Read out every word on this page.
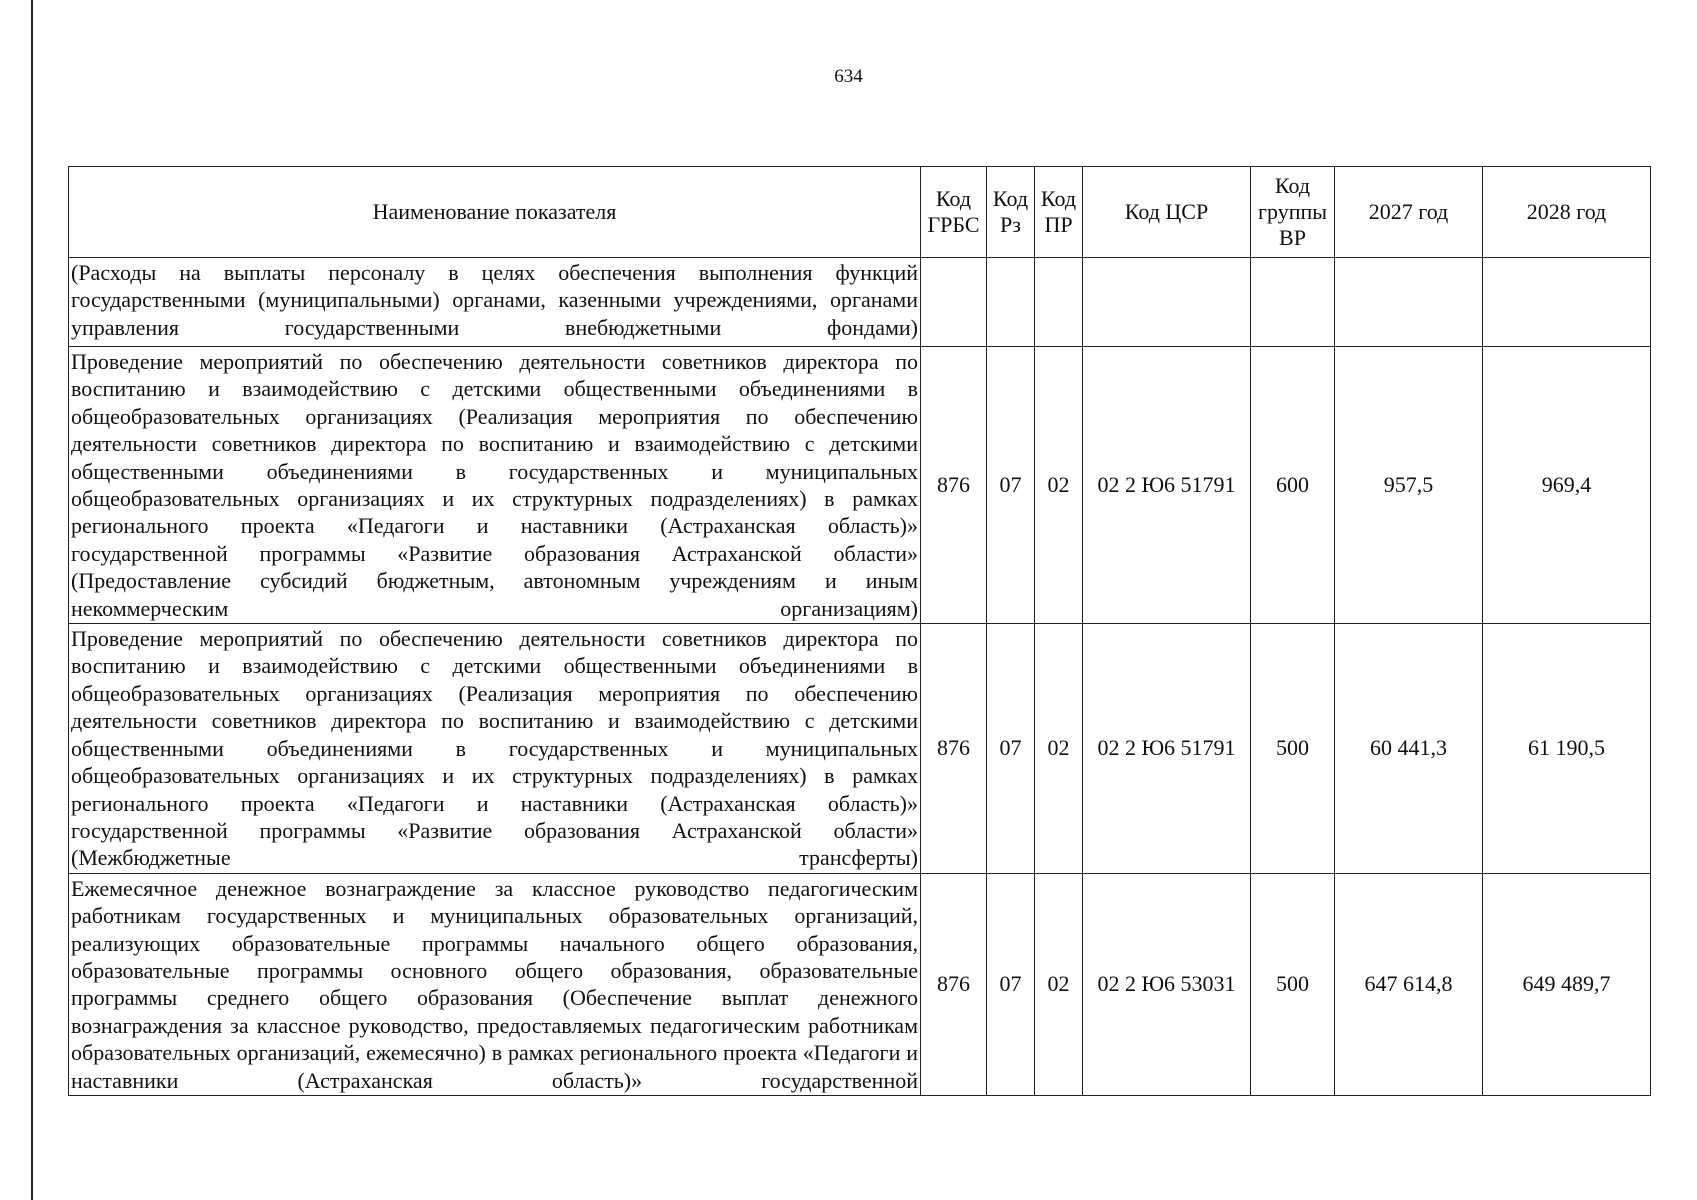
634
Наименование показателя	Код ГРБС	Код Рз	Код ПР	Код ЦСР	Код группы ВР	2027 год	2028 год
(Расходы на выплаты персоналу в целях обеспечения выполнения функций государственными (муниципальными) органами, казенными учреждениями, органами управления государственными внебюджетными фондами)							
Проведение мероприятий по обеспечению деятельности советников директора по воспитанию и взаимодействию с детскими общественными объединениями в общеобразовательных организациях (Реализация мероприятия по обеспечению деятельности советников директора по воспитанию и взаимодействию с детскими общественными объединениями в государственных и муниципальных общеобразовательных организациях и их структурных подразделениях) в рамках регионального проекта «Педагоги и наставники (Астраханская область)» государственной программы «Развитие образования Астраханской области» (Предоставление субсидий бюджетным, автономным учреждениям и иным некоммерческим организациям)	876	07	02	02 2 Ю6 51791	600	957,5	969,4
Проведение мероприятий по обеспечению деятельности советников директора по воспитанию и взаимодействию с детскими общественными объединениями в общеобразовательных организациях (Реализация мероприятия по обеспечению деятельности советников директора по воспитанию и взаимодействию с детскими общественными объединениями в государственных и муниципальных общеобразовательных организациях и их структурных подразделениях) в рамках регионального проекта «Педагоги и наставники (Астраханская область)» государственной программы «Развитие образования Астраханской области» (Межбюджетные трансферты)	876	07	02	02 2 Ю6 51791	500	60 441,3	61 190,5
Ежемесячное денежное вознаграждение за классное руководство педагогическим работникам государственных и муниципальных образовательных организаций, реализующих образовательные программы начального общего образования, образовательные программы основного общего образования, образовательные программы среднего общего образования (Обеспечение выплат денежного вознаграждения за классное руководство, предоставляемых педагогическим работникам образовательных организаций, ежемесячно) в рамках регионального проекта «Педагоги и наставники (Астраханская область)» государственной	876	07	02	02 2 Ю6 53031	500	647 614,8	649 489,7
